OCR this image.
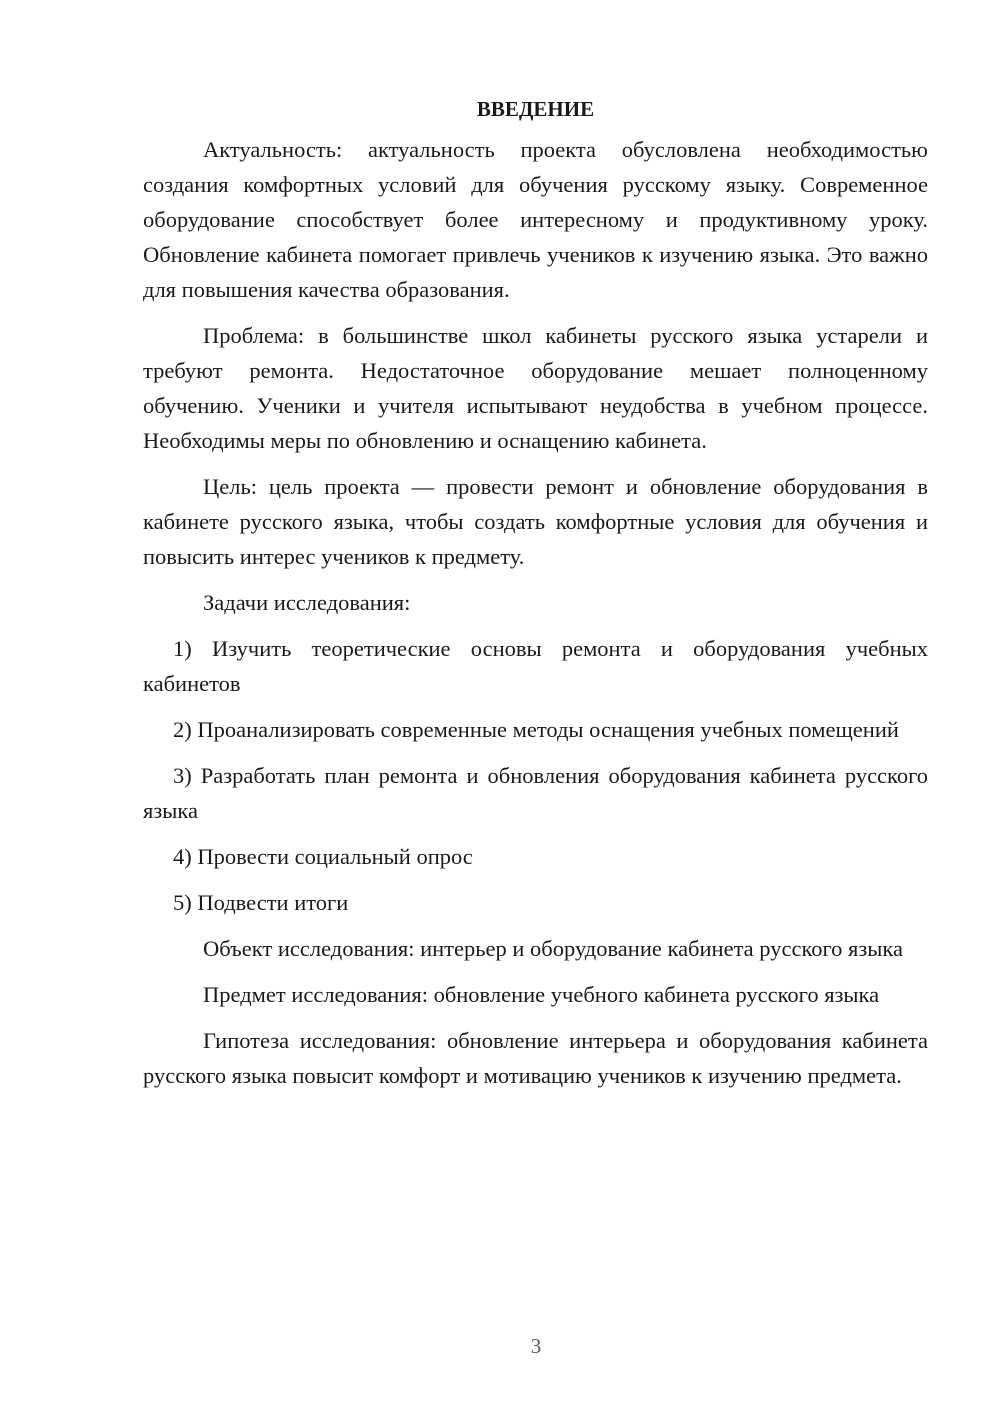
ВВЕДЕНИЕ

Актуальность: актуальность проекта обусловлена необходимостью создания комфортных условий для обучения русскому языку. Современное оборудование способствует более интересному и продуктивному уроку. Обновление кабинета помогает привлечь учеников к изучению языка. Это важно для повышения качества образования.

Проблема: в большинстве школ кабинеты русского языка устарели и требуют ремонта. Недостаточное оборудование мешает полноценному обучению. Ученики и учителя испытывают неудобства в учебном процессе. Необходимы меры по обновлению и оснащению кабинета.

Цель: цель проекта — провести ремонт и обновление оборудования в кабинете русского языка, чтобы создать комфортные условия для обучения и повысить интерес учеников к предмету.

Задачи исследования:

1) Изучить теоретические основы ремонта и оборудования учебных кабинетов

2) Проанализировать современные методы оснащения учебных помещений

3) Разработать план ремонта и обновления оборудования кабинета русского языка

4) Провести социальный опрос

5) Подвести итоги

Объект исследования: интерьер и оборудование кабинета русского языка

Предмет исследования: обновление учебного кабинета русского языка

Гипотеза исследования: обновление интерьера и оборудования кабинета русского языка повысит комфорт и мотивацию учеников к изучению предмета.

3
